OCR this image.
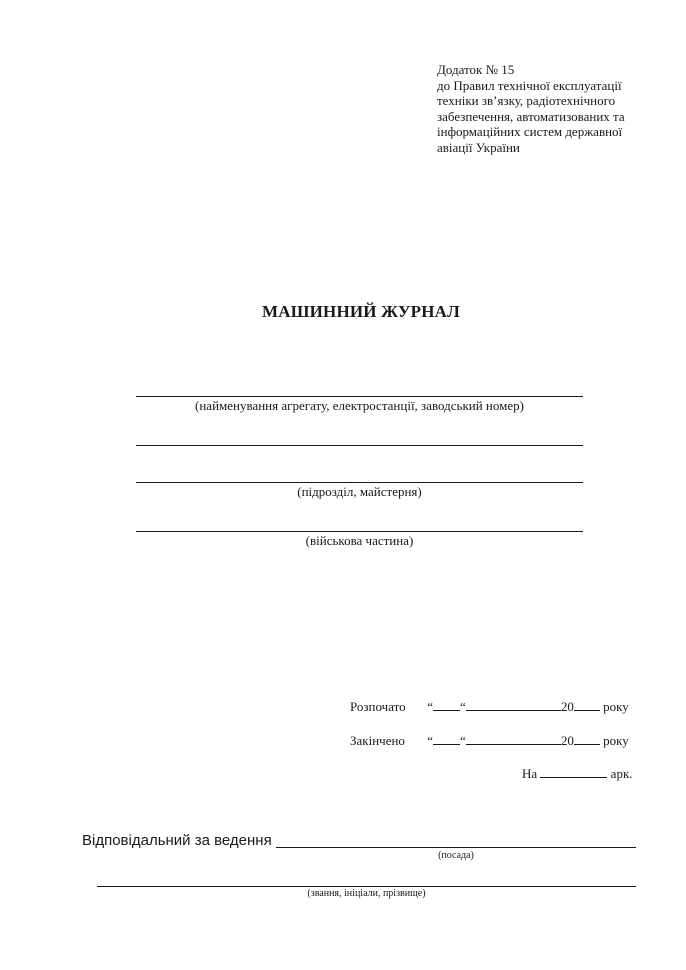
Додаток № 15
до Правил технічної експлуатації
техніки зв’язку, радіотехнічного
забезпечення, автоматизованих та
інформаційних систем державної
авіації України
МАШИННИЙ ЖУРНАЛ
(найменування агрегату, електростанції, заводський номер)
(підрозділ, майстерня)
(військова частина)
Розпочато “ “	20 року
Закінчено “ “	20 року
На	арк.
Відповідальний за ведення
(посада)
(звання, ініціали, прізвище)
